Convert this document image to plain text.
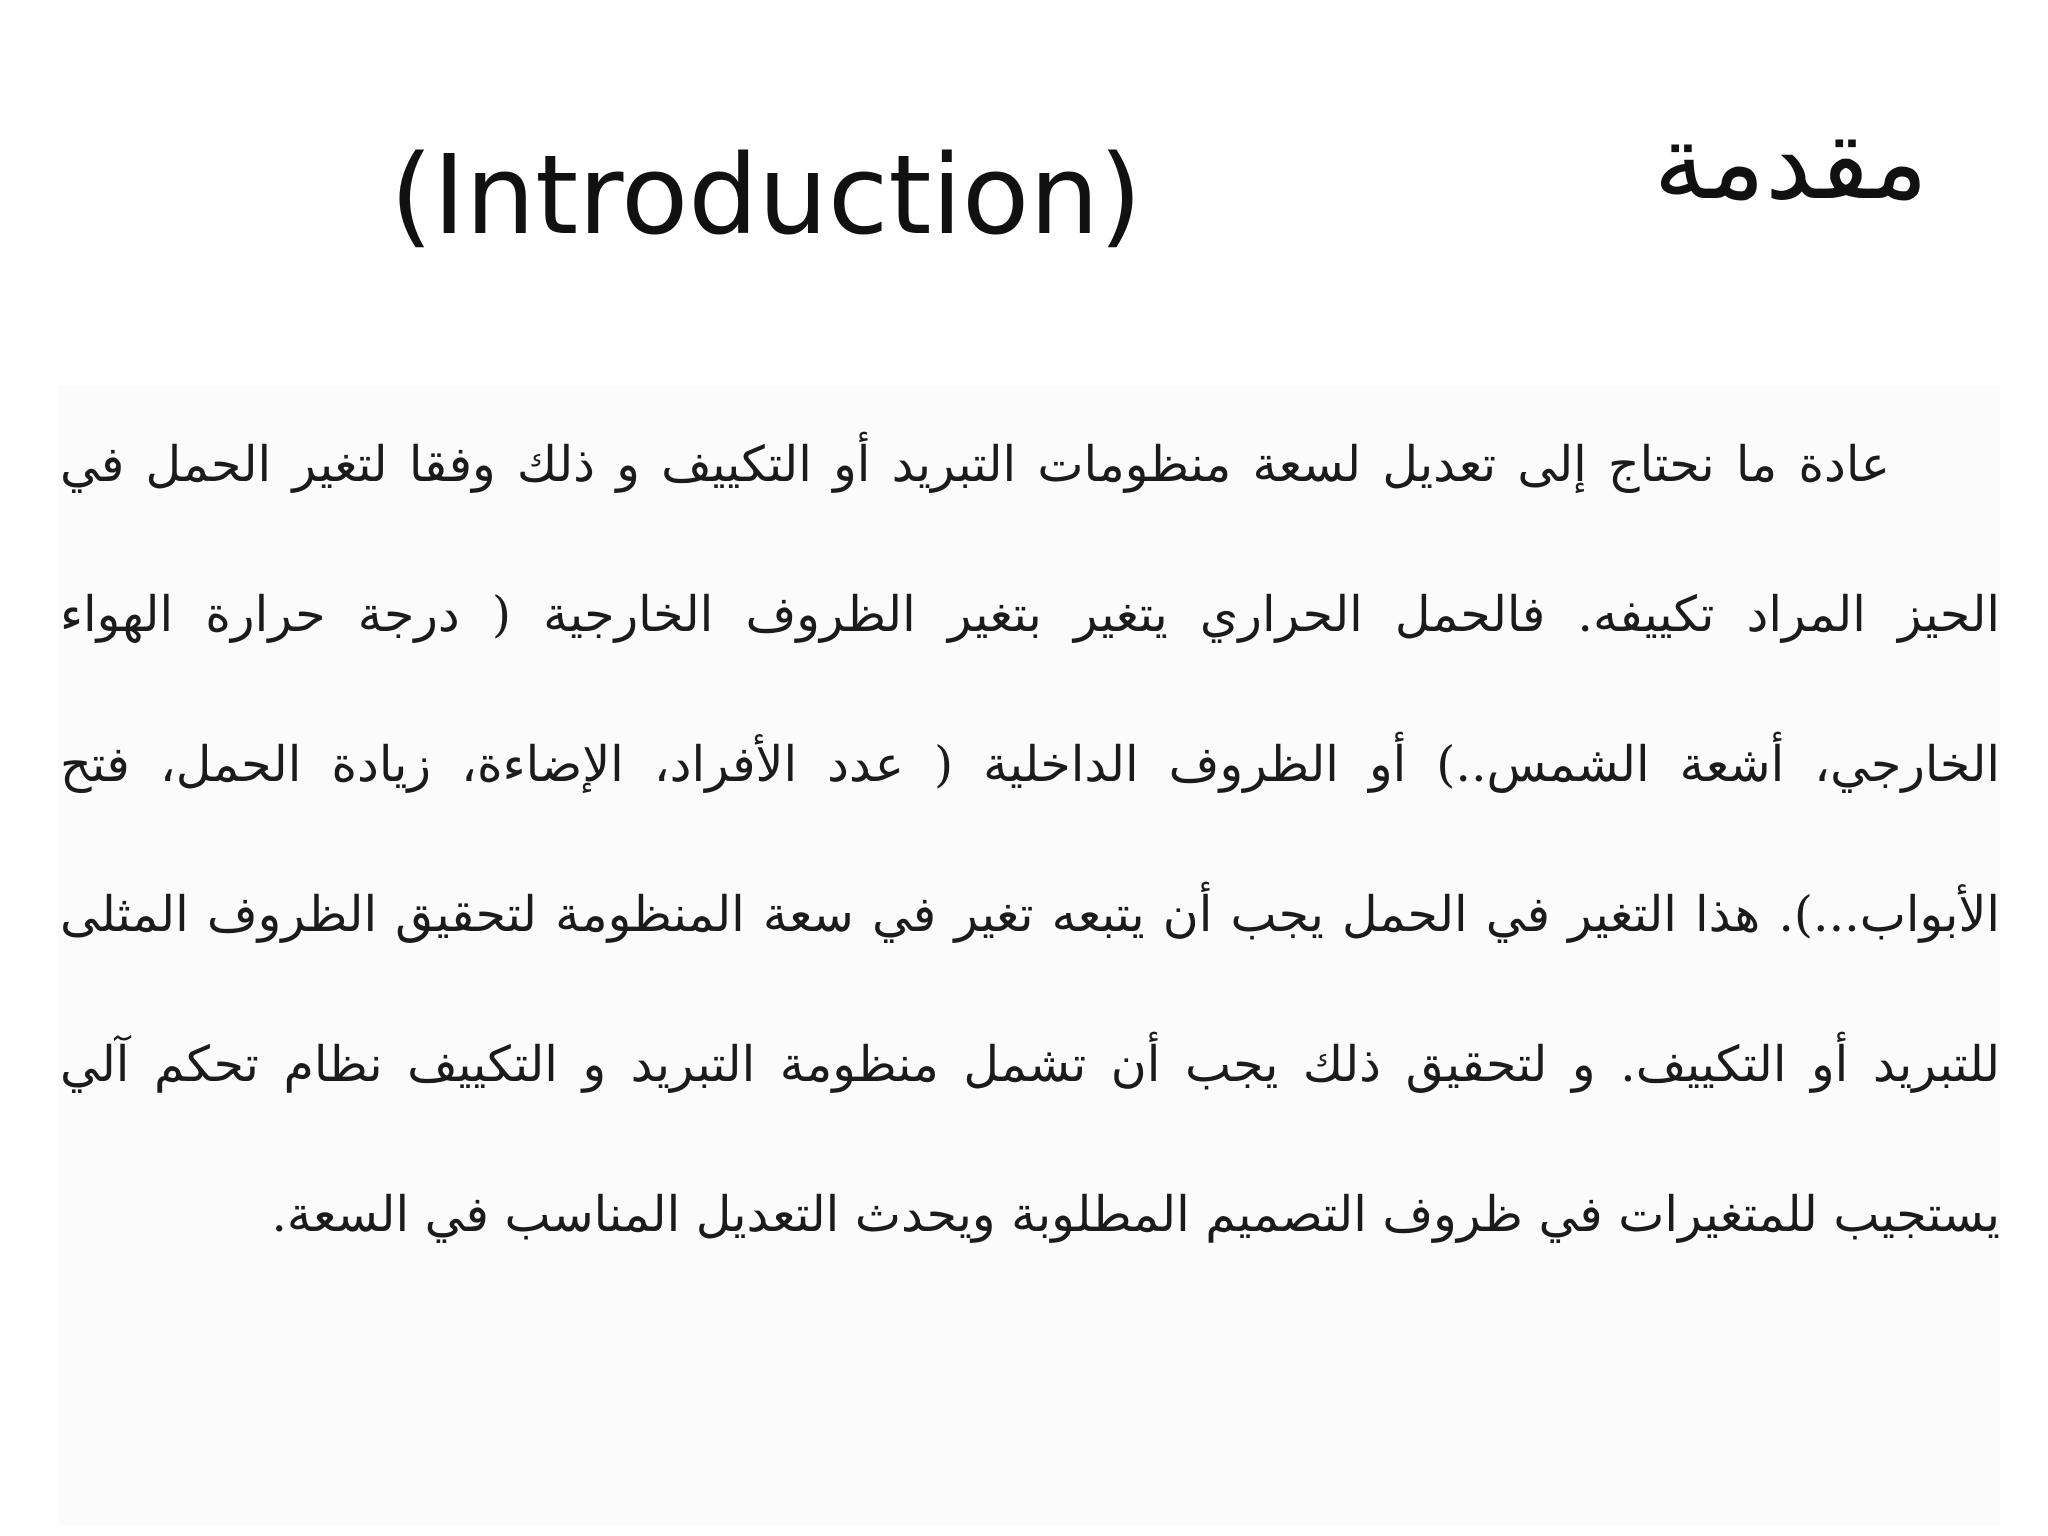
مقدمة
(Introduction)
عادة ما نحتاج إلى تعديل لسعة منظومات التبريد أو التكييف و ذلك وفقا لتغير الحمل في الحيز المراد تكييفه. فالحمل الحراري يتغير بتغير الظروف الخارجية ( درجة حرارة الهواء الخارجي، أشعة الشمس..) أو الظروف الداخلية ( عدد الأفراد، الإضاءة، زيادة الحمل، فتح الأبواب...). هذا التغير في الحمل يجب أن يتبعه تغير في سعة المنظومة لتحقيق الظروف المثلى للتبريد أو التكييف. و لتحقيق ذلك يجب أن تشمل منظومة التبريد و التكييف نظام تحكم آلي يستجيب للمتغيرات في ظروف التصميم المطلوبة ويحدث التعديل المناسب في السعة.
